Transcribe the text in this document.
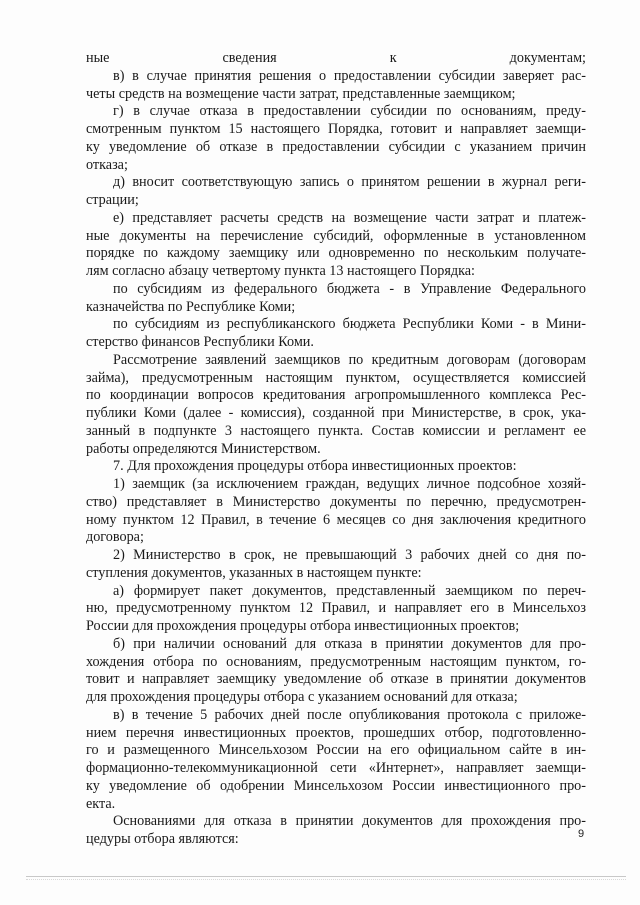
ные сведения к документам;
в) в случае принятия решения о предоставлении субсидии заверяет рас-
четы средств на возмещение части затрат, представленные заемщиком;
г) в случае отказа в предоставлении субсидии по основаниям, преду-
смотренным пунктом 15 настоящего Порядка, готовит и направляет заемщи-
ку уведомление об отказе в предоставлении субсидии с указанием причин
отказа;
д) вносит соответствующую запись о принятом решении в журнал реги-
страции;
е) представляет расчеты средств на возмещение части затрат и платеж-
ные документы на перечисление субсидий, оформленные в установленном
порядке по каждому заемщику или одновременно по нескольким получате-
лям согласно абзацу четвертому пункта 13 настоящего Порядка:
по субсидиям из федерального бюджета - в Управление Федерального
казначейства по Республике Коми;
по субсидиям из республиканского бюджета Республики Коми - в Мини-
стерство финансов Республики Коми.
Рассмотрение заявлений заемщиков по кредитным договорам (договорам
займа), предусмотренным настоящим пунктом, осуществляется комиссией
по координации вопросов кредитования агропромышленного комплекса Рес-
публики Коми (далее - комиссия), созданной при Министерстве, в срок, ука-
занный в подпункте 3 настоящего пункта. Состав комиссии и регламент ее
работы определяются Министерством.
7. Для прохождения процедуры отбора инвестиционных проектов:
1) заемщик (за исключением граждан, ведущих личное подсобное хозяй-
ство) представляет в Министерство документы по перечню, предусмотрен-
ному пунктом 12 Правил, в течение 6 месяцев со дня заключения кредитного
договора;
2) Министерство в срок, не превышающий 3 рабочих дней со дня по-
ступления документов, указанных в настоящем пункте:
а) формирует пакет документов, представленный заемщиком по переч-
ню, предусмотренному пунктом 12 Правил, и направляет его в Минсельхоз
России для прохождения процедуры отбора инвестиционных проектов;
б) при наличии оснований для отказа в принятии документов для про-
хождения отбора по основаниям, предусмотренным настоящим пунктом, го-
товит и направляет заемщику уведомление об отказе в принятии документов
для прохождения процедуры отбора с указанием оснований для отказа;
в) в течение 5 рабочих дней после опубликования протокола с приложе-
нием перечня инвестиционных проектов, прошедших отбор, подготовленно-
го и размещенного Минсельхозом России на его официальном сайте в ин-
формационно-телекоммуникационной сети «Интернет», направляет заемщи-
ку уведомление об одобрении Минсельхозом России инвестиционного про-
екта.
Основаниями для отказа в принятии документов для прохождения про-
цедуры отбора являются:	9
